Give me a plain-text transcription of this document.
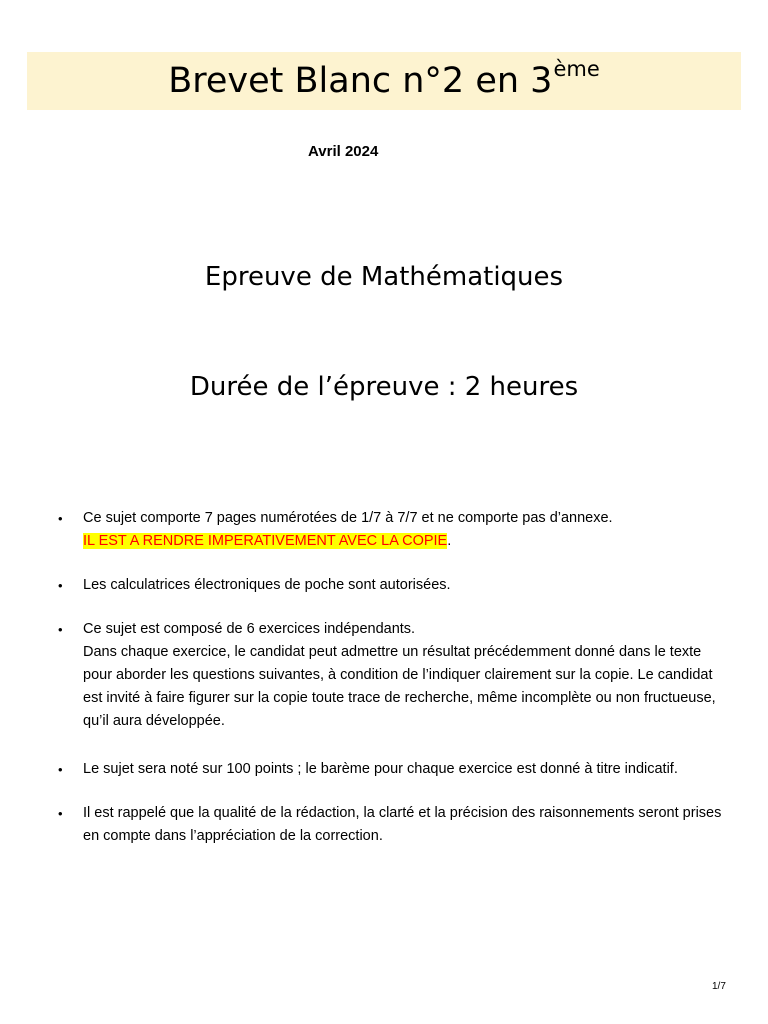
Brevet Blanc n°2 en 3ème
Avril 2024
Epreuve de Mathématiques
Durée de l’épreuve : 2 heures
• Ce sujet comporte 7 pages numérotées de 1/7 à 7/7 et ne comporte pas d’annexe.

IL EST A RENDRE IMPERATIVEMENT AVEC LA COPIE.

• Les calculatrices électroniques de poche sont autorisées.

• Ce sujet est composé de 6 exercices indépendants.

Dans chaque exercice, le candidat peut admettre un résultat précédemment donné dans le texte pour aborder les questions suivantes, à condition de l’indiquer clairement sur la copie. Le candidat est invité à faire figurer sur la copie toute trace de recherche, même incomplète ou non fructueuse, qu’il aura développée.

• Le sujet sera noté sur 100 points ; le barème pour chaque exercice est donné à titre indicatif.

• Il est rappelé que la qualité de la rédaction, la clarté et la précision des raisonnements seront prises en compte dans l’appréciation de la correction.

1/7
